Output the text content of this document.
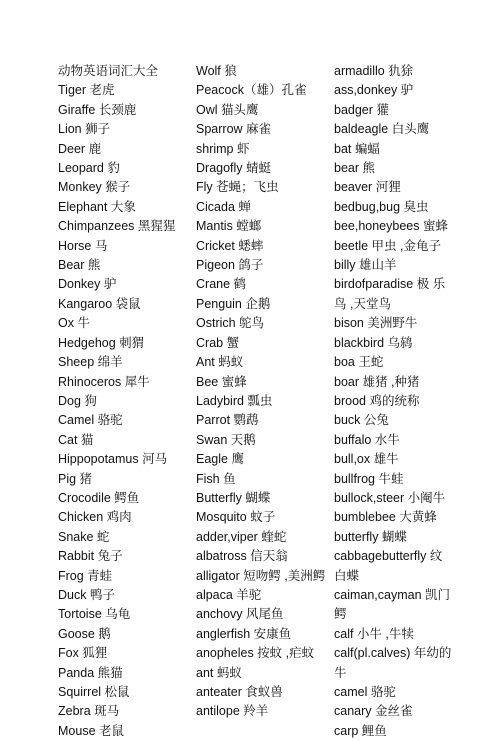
动物英语词汇大全
Tiger 老虎
Giraffe 长颈鹿
Lion 狮子
Deer 鹿
Leopard 豹
Monkey 猴子
Elephant 大象
Chimpanzees 黑猩猩
Horse 马
Bear 熊
Donkey 驴
Kangaroo 袋鼠
Ox 牛
Hedgehog 刺猬
Sheep 绵羊
Rhinoceros 犀牛
Dog 狗
Camel 骆驼
Cat 猫
Hippopotamus 河马
Pig 猪
Crocodile 鳄鱼
Chicken 鸡肉
Snake 蛇
Rabbit 兔子
Frog 青蛙
Duck 鸭子
Tortoise 乌龟
Goose 鹅
Fox 狐狸
Panda 熊猫
Squirrel 松鼠
Zebra 斑马
Mouse 老鼠
Wolf 狼
Peacock（雄）孔雀
Owl 猫头鹰
Sparrow 麻雀
shrimp 虾
Dragofly 蜻蜓
Fly 苍蝇；飞虫
Cicada 蝉
Mantis 螳螂
Cricket 蟋蟀
Pigeon 鸽子
Crane 鹤
Penguin 企鹅
Ostrich 鸵鸟
Crab 蟹
Ant 蚂蚁
Bee 蜜蜂
Ladybird 瓢虫
Parrot 鹦鹉
Swan 天鹅
Eagle 鹰
Fish 鱼
Butterfly 蝴蝶
Mosquito 蚊子
adder,viper 蝰蛇
albatross 信天翁
alligator 短吻鳄 ,美洲鳄
alpaca 羊驼
anchovy 风尾鱼
anglerfish 安康鱼
anopheles 按蚊 ,疟蚊
ant 蚂蚁
anteater 食蚁兽
antilope 羚羊
armadillo 犰狳
ass,donkey 驴
badger 獾
baldeagle 白头鹰
bat 蝙蝠
bear 熊
beaver 河狸
bedbug,bug 臭虫
bee,honeybees 蜜蜂
beetle 甲虫 ,金龟子
billy 雄山羊
birdofparadise 极 乐鸟 ,天堂鸟
bison 美洲野牛
blackbird 乌鸫
boa 王蛇
boar 雄猪 ,种猪
brood 鸡的统称
buck 公兔
buffalo 水牛
bull,ox 雄牛
bullfrog 牛蛙
bullock,steer 小阉牛
bumblebee 大黄蜂
butterfly 蝴蝶
cabbagebutterfly 纹白蝶
caiman,cayman 凯门鳄
calf 小牛 ,牛犊
calf(pl.calves) 年幼的牛
camel 骆驼
canary 金丝雀
carp 鲤鱼
